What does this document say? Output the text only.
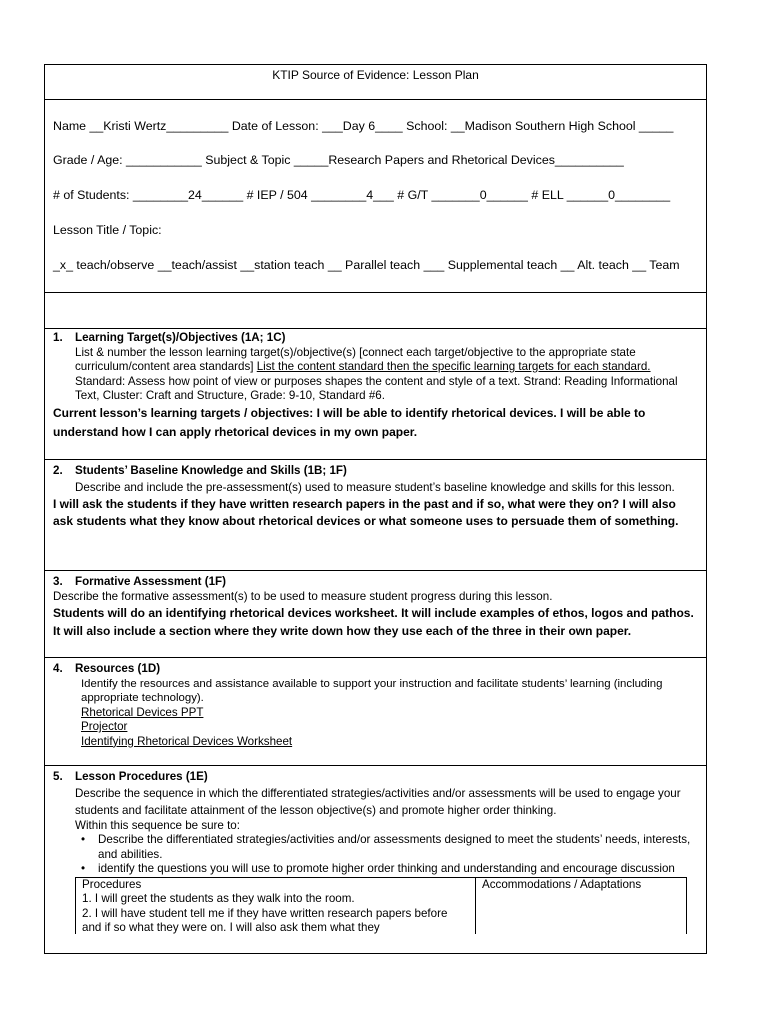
KTIP Source of Evidence: Lesson Plan
Name __Kristi Wertz_________ Date of Lesson: ___Day 6____ School: __Madison Southern High School _____
Grade / Age: ___________ Subject & Topic _____Research Papers and Rhetorical Devices__________
# of Students: ________24______ # IEP / 504 ________4___ # G/T _______0______ # ELL ______0________
Lesson Title / Topic:
_x_ teach/observe __teach/assist __station teach __ Parallel teach ___ Supplemental teach __ Alt. teach __ Team
1. Learning Target(s)/Objectives (1A; 1C)
List & number the lesson learning target(s)/objective(s) [connect each target/objective to the appropriate state curriculum/content area standards] List the content standard then the specific learning targets for each standard. Standard: Assess how point of view or purposes shapes the content and style of a text. Strand: Reading Informational Text, Cluster: Craft and Structure, Grade: 9-10, Standard #6.
Current lesson’s learning targets / objectives: I will be able to identify rhetorical devices. I will be able to understand how I can apply rhetorical devices in my own paper.
2. Students’ Baseline Knowledge and Skills (1B; 1F)
Describe and include the pre-assessment(s) used to measure student’s baseline knowledge and skills for this lesson.
I will ask the students if they have written research papers in the past and if so, what were they on? I will also ask students what they know about rhetorical devices or what someone uses to persuade them of something.
3. Formative Assessment (1F)
Describe the formative assessment(s) to be used to measure student progress during this lesson.
Students will do an identifying rhetorical devices worksheet. It will include examples of ethos, logos and pathos. It will also include a section where they write down how they use each of the three in their own paper.
4. Resources (1D)
Identify the resources and assistance available to support your instruction and facilitate students’ learning (including appropriate technology).
Rhetorical Devices PPT
Projector
Identifying Rhetorical Devices Worksheet
5. Lesson Procedures (1E)
Describe the sequence in which the differentiated strategies/activities and/or assessments will be used to engage your students and facilitate attainment of the lesson objective(s) and promote higher order thinking.
Within this sequence be sure to:
• Describe the differentiated strategies/activities and/or assessments designed to meet the students’ needs, interests, and abilities.
• identify the questions you will use to promote higher order thinking and understanding and encourage discussion
Procedures
1. I will greet the students as they walk into the room.
2. I will have student tell me if they have written research papers before and if so what they were on. I will also ask them what they
Accommodations / Adaptations
